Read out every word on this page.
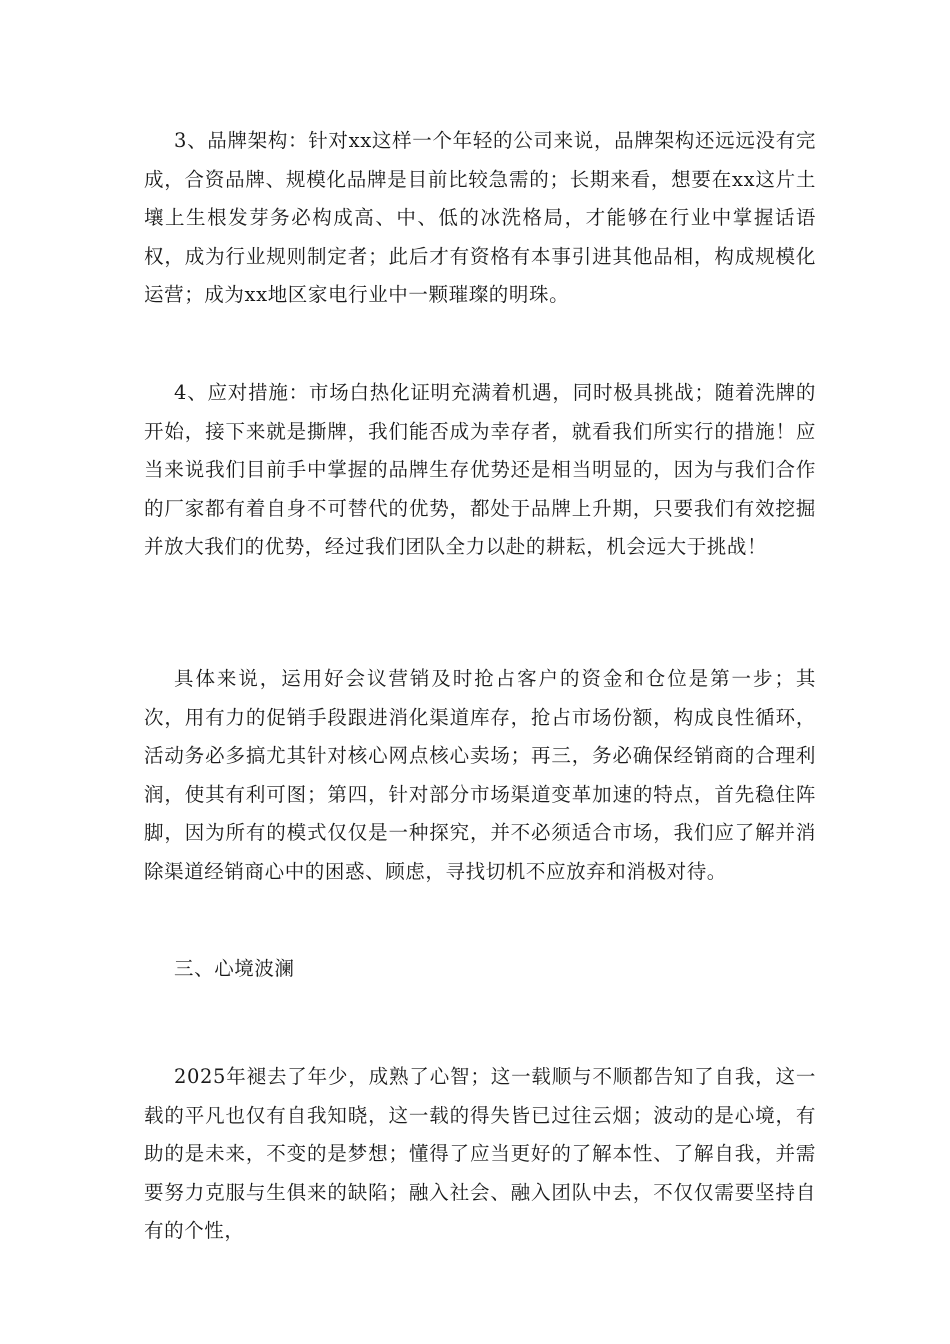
3、品牌架构：针对xx这样一个年轻的公司来说，品牌架构还远远没有完成，合资品牌、规模化品牌是目前比较急需的；长期来看，想要在xx这片土壤上生根发芽务必构成高、中、低的冰洗格局，才能够在行业中掌握话语权，成为行业规则制定者；此后才有资格有本事引进其他品相，构成规模化运营；成为xx地区家电行业中一颗璀璨的明珠。

4、应对措施：市场白热化证明充满着机遇，同时极具挑战；随着洗牌的开始，接下来就是撕牌，我们能否成为幸存者，就看我们所实行的措施！应当来说我们目前手中掌握的品牌生存优势还是相当明显的，因为与我们合作的厂家都有着自身不可替代的优势，都处于品牌上升期，只要我们有效挖掘并放大我们的优势，经过我们团队全力以赴的耕耘，机会远大于挑战！

具体来说，运用好会议营销及时抢占客户的资金和仓位是第一步；其次，用有力的促销手段跟进消化渠道库存，抢占市场份额，构成良性循环，活动务必多搞尤其针对核心网点核心卖场；再三，务必确保经销商的合理利润，使其有利可图；第四，针对部分市场渠道变革加速的特点，首先稳住阵脚，因为所有的模式仅仅是一种探究，并不必须适合市场，我们应了解并消除渠道经销商心中的困惑、顾虑，寻找切机不应放弃和消极对待。

三、心境波澜

2025年褪去了年少，成熟了心智；这一载顺与不顺都告知了自我，这一载的平凡也仅有自我知晓，这一载的得失皆已过往云烟；波动的是心境，有助的是未来，不变的是梦想；懂得了应当更好的了解本性、了解自我，并需要努力克服与生俱来的缺陷；融入社会、融入团队中去，不仅仅需要坚持自有的个性，
